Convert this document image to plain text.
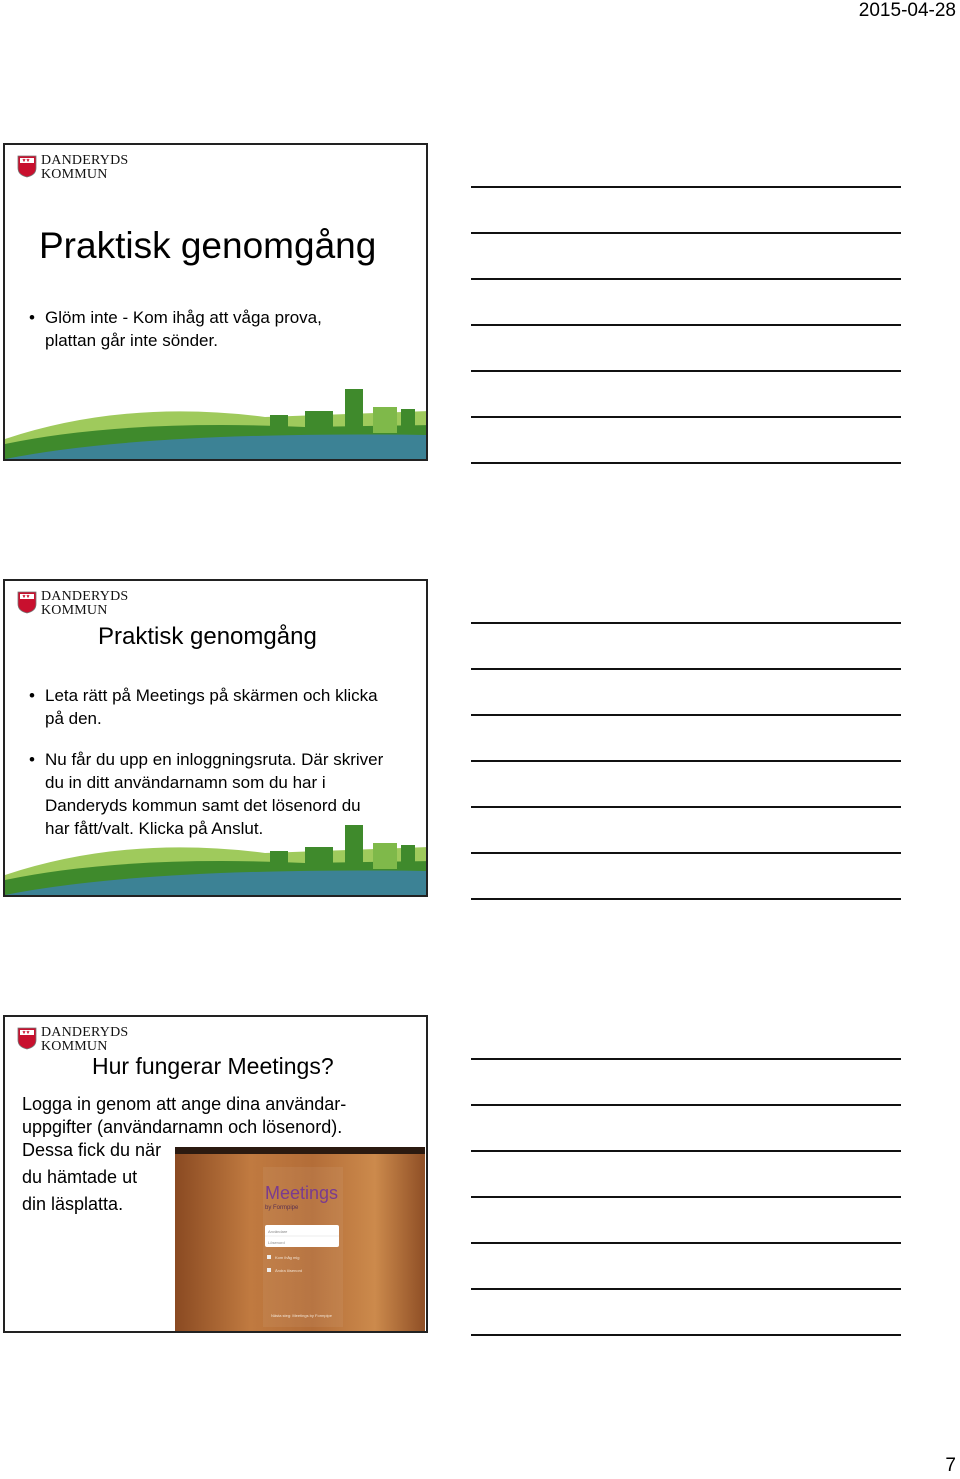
2015-04-28
DANDERYDS
KOMMUN
Praktisk genomgång
• Glöm inte - Kom ihåg att våga prova, plattan går inte sönder.
DANDERYDS
KOMMUN
Praktisk genomgång
• Leta rätt på Meetings på skärmen och klicka på den.
• Nu får du upp en inloggningsruta. Där skriver du in ditt användarnamn som du har i Danderyds kommun samt det lösenord du har fått/valt. Klicka på Anslut.
DANDERYDS
KOMMUN
Hur fungerar Meetings?

Logga in genom att ange dina användar-

uppgifter (användarnamn och lösenord).

Dessa fick du när

du hämtade ut

din läsplatta.

Meetings
by Formpipe
Användare
Lösenord
Kom ihåg mig
Ändra lösenord
Nästa steg: Meetings by Formpipe
7
